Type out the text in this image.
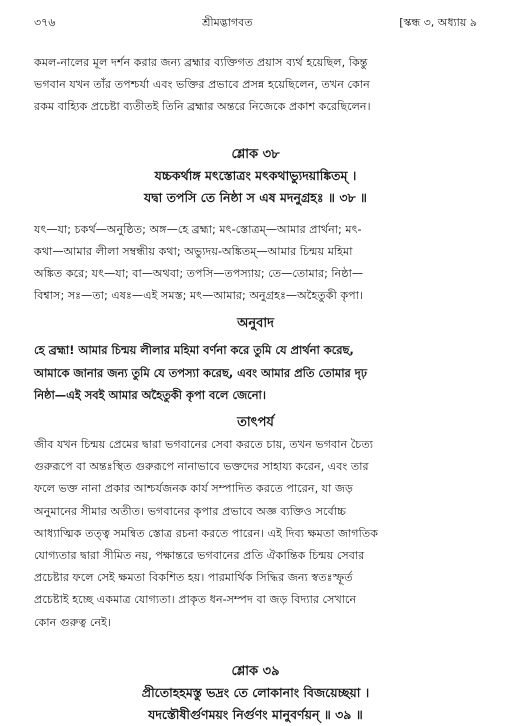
৩৭৬	শ্রীমদ্ভাগবত	[স্কন্ধ ৩, অধ্যায় ৯

কমল-নালের মূল দর্শন করার জন্য ব্রহ্মার ব্যক্তিগত প্রয়াস ব্যর্থ হয়েছিল, কিন্তু

ভগবান যখন তাঁর তপশ্চর্যা এবং ভক্তির প্রভাবে প্রসন্ন হয়েছিলেন, তখন কোন

রকম বাহ্যিক প্রচেষ্টা ব্যতীতই তিনি ব্রহ্মার অন্তরে নিজেকে প্রকাশ করেছিলেন।

শ্লোক ৩৮

যচ্চকর্থাঙ্গ মৎস্তোত্রং মৎকথাভ্যুদয়াঙ্কিতম্ ।

যদ্বা তপসি তে নিষ্ঠা স এষ মদনুগ্রহঃ ॥ ৩৮ ॥

যৎ—যা; চকর্থ—অনুষ্ঠিত; অঙ্গ—হে ব্রহ্মা; মৎ-স্তোত্রম্—আমার প্রার্থনা; মৎ-

কথা—আমার লীলা সম্বন্ধীয় কথা; অভ্যুদয়-অঙ্কিতম্—আমার চিন্ময় মহিমা

অঙ্কিত করে; যৎ—যা; বা—অথবা; তপসি—তপস্যায়; তে—তোমার; নিষ্ঠা—

বিশ্বাস; সঃ—তা; এষঃ—এই সমস্ত; মৎ—আমার; অনুগ্রহঃ—অহৈতুকী কৃপা।

অনুবাদ

হে ব্রহ্মা! আমার চিন্ময় লীলার মহিমা বর্ণনা করে তুমি যে প্রার্থনা করেছ,

আমাকে জানার জন্য তুমি যে তপস্যা করেছ, এবং আমার প্রতি তোমার দৃঢ়

নিষ্ঠা—এই সবই আমার অহৈতুকী কৃপা বলে জেনো।

তাৎপর্য

জীব যখন চিন্ময় প্রেমের দ্বারা ভগবানের সেবা করতে চায়, তখন ভগবান চৈত্য

গুরুরূপে বা অন্তঃস্থিত গুরুরূপে নানাভাবে ভক্তদের সাহায্য করেন, এবং তার

ফলে ভক্ত নানা প্রকার আশ্চর্যজনক কার্য সম্পাদিত করতে পারেন, যা জড়

অনুমানের সীমার অতীত। ভগবানের কৃপার প্রভাবে অজ্ঞ ব্যক্তিও সর্বোচ্চ

আধ্যাত্মিক তত্ত্ব সমন্বিত স্তোত্র রচনা করতে পারেন। এই দিব্য ক্ষমতা জাগতিক

যোগ্যতার দ্বারা সীমিত নয়, পক্ষান্তরে ভগবানের প্রতি ঐকান্তিক চিন্ময় সেবার

প্রচেষ্টার ফলে সেই ক্ষমতা বিকশিত হয়। পারমার্থিক সিদ্ধির জন্য স্বতঃস্ফূর্ত

প্রচেষ্টাই হচ্ছে একমাত্র যোগ্যতা। প্রাকৃত ধন-সম্পদ বা জড় বিদ্যার সেখানে

কোন গুরুত্ব নেই।

শ্লোক ৩৯

প্রীতোহহমস্তু ভদ্রং তে লোকানাং বিজয়েচ্ছয়া ।

যদস্তৌষীর্গুণময়ং নির্গুণং মানুবর্ণয়ন্ ॥ ৩৯ ॥
